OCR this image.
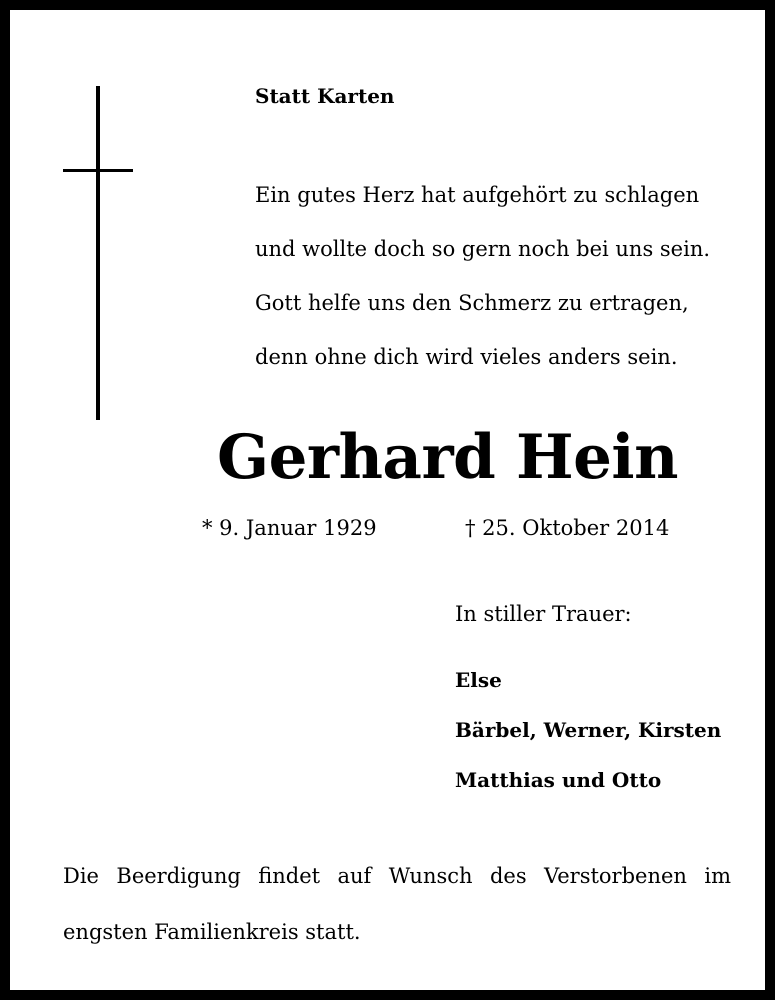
Statt Karten
Ein gutes Herz hat aufgehört zu schlagen
und wollte doch so gern noch bei uns sein.
Gott helfe uns den Schmerz zu ertragen,
denn ohne dich wird vieles anders sein.
Gerhard Hein
* 9. Januar 1929	† 25. Oktober 2014
In stiller Trauer:
Else
Bärbel, Werner, Kirsten
Matthias und Otto
Die Beerdigung findet auf Wunsch des Verstorbenen im
engsten Familienkreis statt.
